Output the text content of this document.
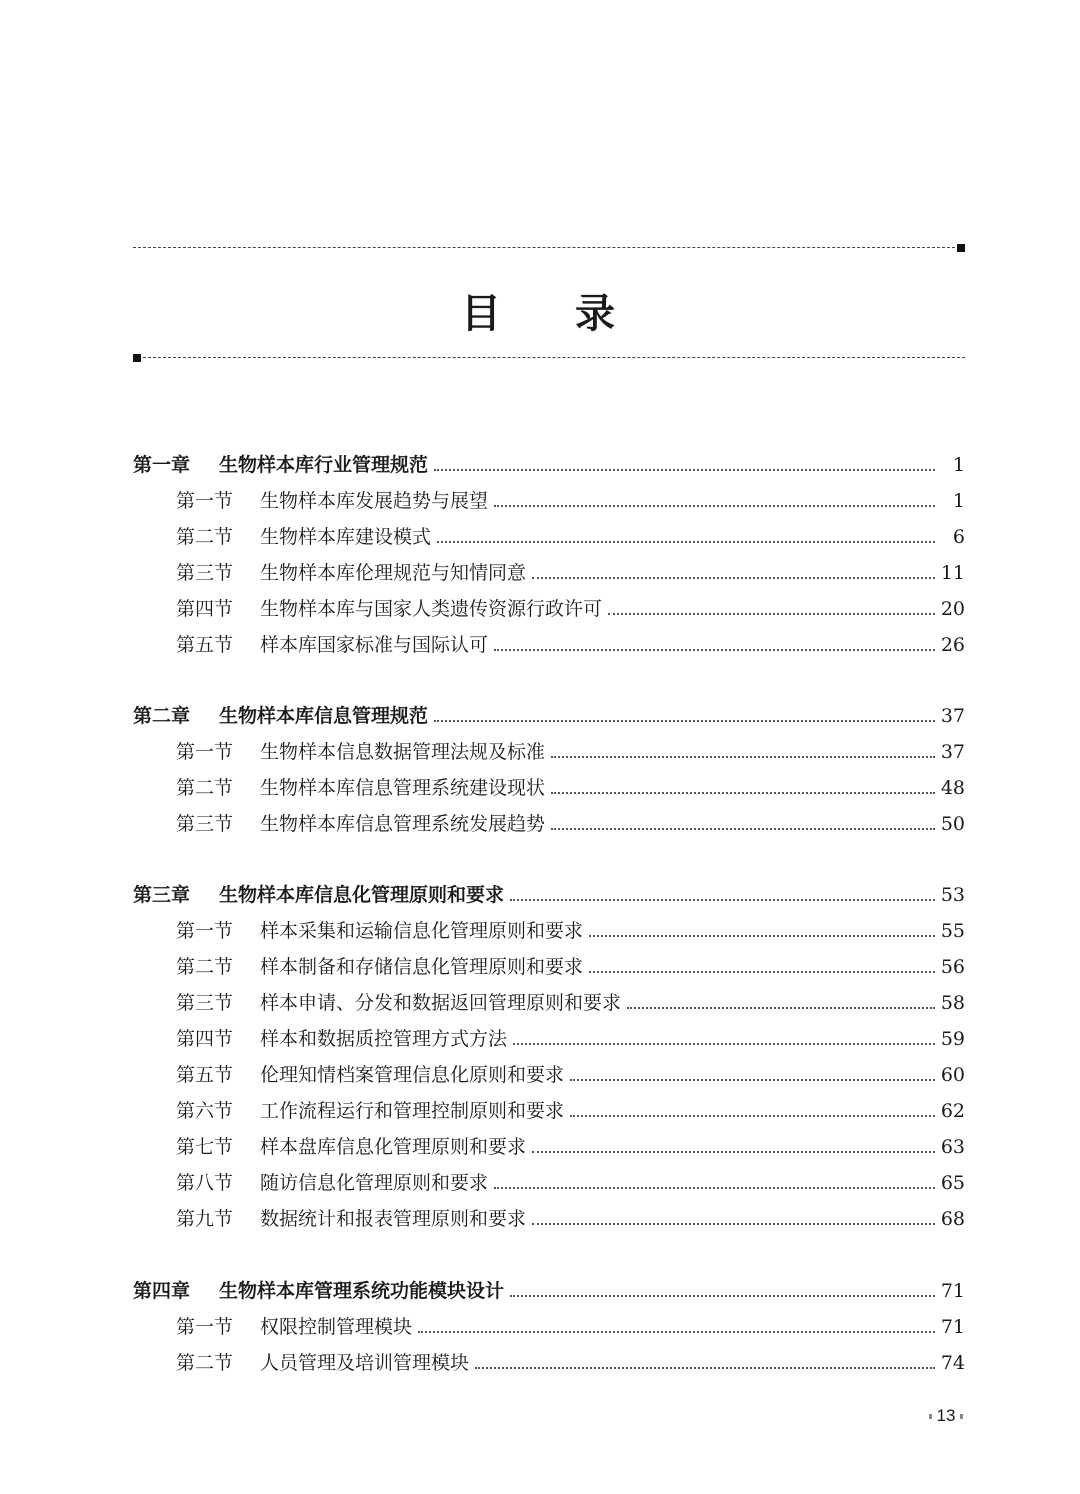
目 录
第一章	生物样本库行业管理规范	1
第一节	生物样本库发展趋势与展望	1
第二节	生物样本库建设模式	6
第三节	生物样本库伦理规范与知情同意	11
第四节	生物样本库与国家人类遗传资源行政许可	20
第五节	样本库国家标准与国际认可	26
第二章	生物样本库信息管理规范	37
第一节	生物样本信息数据管理法规及标准	37
第二节	生物样本库信息管理系统建设现状	48
第三节	生物样本库信息管理系统发展趋势	50
第三章	生物样本库信息化管理原则和要求	53
第一节	样本采集和运输信息化管理原则和要求	55
第二节	样本制备和存储信息化管理原则和要求	56
第三节	样本申请、分发和数据返回管理原则和要求	58
第四节	样本和数据质控管理方式方法	59
第五节	伦理知情档案管理信息化原则和要求	60
第六节	工作流程运行和管理控制原则和要求	62
第七节	样本盘库信息化管理原则和要求	63
第八节	随访信息化管理原则和要求	65
第九节	数据统计和报表管理原则和要求	68
第四章	生物样本库管理系统功能模块设计	71
第一节	权限控制管理模块	71
第二节	人员管理及培训管理模块	74
13
